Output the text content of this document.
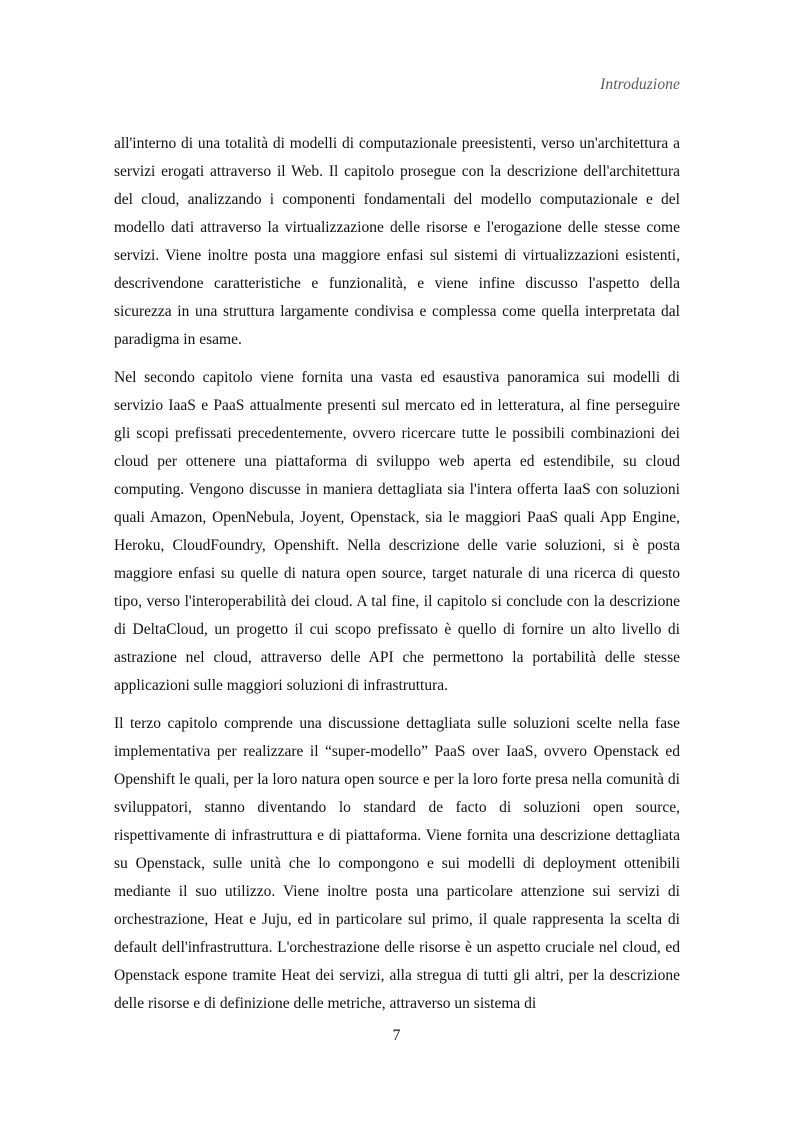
Introduzione

all'interno di una totalità di modelli di computazionale preesistenti, verso un'architettura a servizi erogati attraverso il Web. Il capitolo prosegue con la descrizione dell'architettura del cloud, analizzando i componenti fondamentali del modello computazionale e del modello dati attraverso la virtualizzazione delle risorse e l'erogazione delle stesse come servizi. Viene inoltre posta una maggiore enfasi sul sistemi di virtualizzazioni esistenti, descrivendone caratteristiche e funzionalità, e viene infine discusso l'aspetto della sicurezza in una struttura largamente condivisa e complessa come quella interpretata dal paradigma in esame.

Nel secondo capitolo viene fornita una vasta ed esaustiva panoramica sui modelli di servizio IaaS e PaaS attualmente presenti sul mercato ed in letteratura, al fine perseguire gli scopi prefissati precedentemente, ovvero ricercare tutte le possibili combinazioni dei cloud per ottenere una piattaforma di sviluppo web aperta ed estendibile, su cloud computing. Vengono discusse in maniera dettagliata sia l'intera offerta IaaS con soluzioni quali Amazon, OpenNebula, Joyent, Openstack, sia le maggiori PaaS quali App Engine, Heroku, CloudFoundry, Openshift. Nella descrizione delle varie soluzioni, si è posta maggiore enfasi su quelle di natura open source, target naturale di una ricerca di questo tipo, verso l'interoperabilità dei cloud. A tal fine, il capitolo si conclude con la descrizione di DeltaCloud, un progetto il cui scopo prefissato è quello di fornire un alto livello di astrazione nel cloud, attraverso delle API che permettono la portabilità delle stesse applicazioni sulle maggiori soluzioni di infrastruttura.

Il terzo capitolo comprende una discussione dettagliata sulle soluzioni scelte nella fase implementativa per realizzare il “super-modello” PaaS over IaaS, ovvero Openstack ed Openshift le quali, per la loro natura open source e per la loro forte presa nella comunità di sviluppatori, stanno diventando lo standard de facto di soluzioni open source, rispettivamente di infrastruttura e di piattaforma. Viene fornita una descrizione dettagliata su Openstack, sulle unità che lo compongono e sui modelli di deployment ottenibili mediante il suo utilizzo. Viene inoltre posta una particolare attenzione sui servizi di orchestrazione, Heat e Juju, ed in particolare sul primo, il quale rappresenta la scelta di default dell'infrastruttura. L'orchestrazione delle risorse è un aspetto cruciale nel cloud, ed Openstack espone tramite Heat dei servizi, alla stregua di tutti gli altri, per la descrizione delle risorse e di definizione delle metriche, attraverso un sistema di

7
